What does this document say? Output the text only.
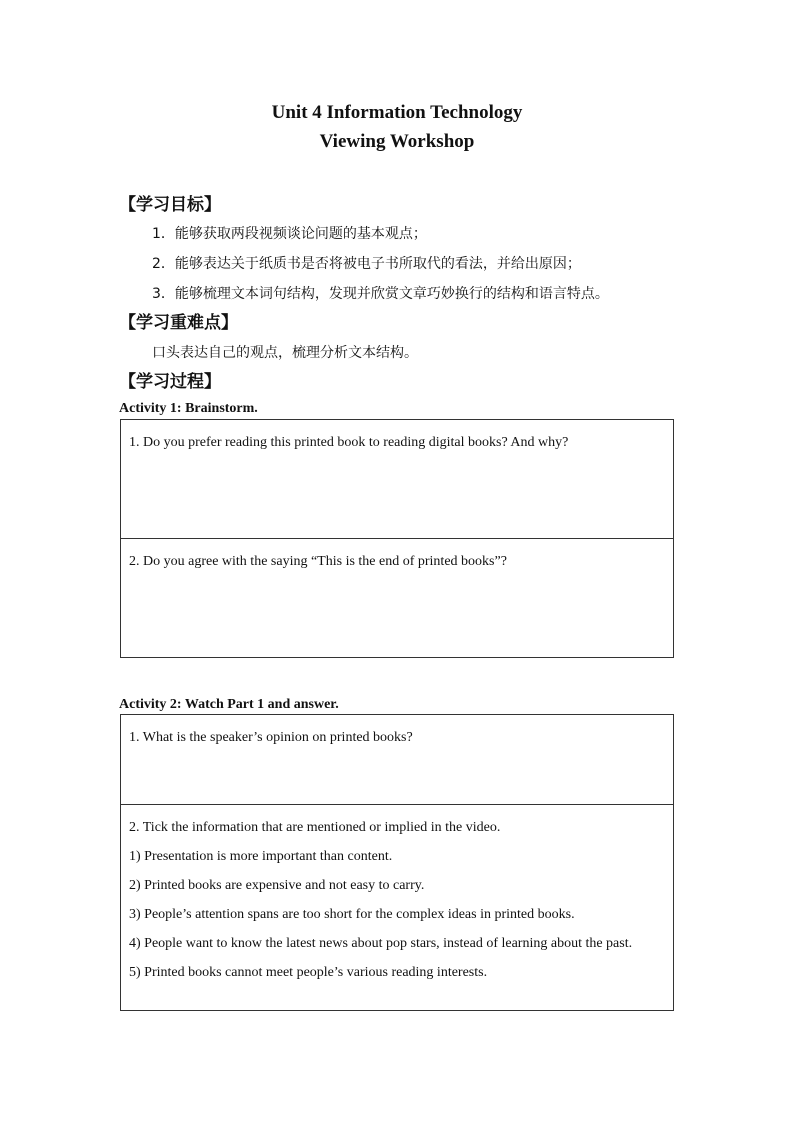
Unit 4 Information Technology
Viewing Workshop
【学习目标】
1．能够获取两段视频谈论问题的基本观点；
2．能够表达关于纸质书是否将被电子书所取代的看法，并给出原因；
3．能够梳理文本词句结构，发现并欣赏文章巧妙换行的结构和语言特点。
【学习重难点】
口头表达自己的观点，梳理分析文本结构。
【学习过程】
Activity 1: Brainstorm.

1. Do you prefer reading this printed book to reading digital books? And why?

2. Do you agree with the saying “This is the end of printed books”?

Activity 2: Watch Part 1 and answer.

1. What is the speaker’s opinion on printed books?

2. Tick the information that are mentioned or implied in the video.

1) Presentation is more important than content.

2) Printed books are expensive and not easy to carry.

3) People’s attention spans are too short for the complex ideas in printed books.

4) People want to know the latest news about pop stars, instead of learning about the past.

5) Printed books cannot meet people’s various reading interests.
